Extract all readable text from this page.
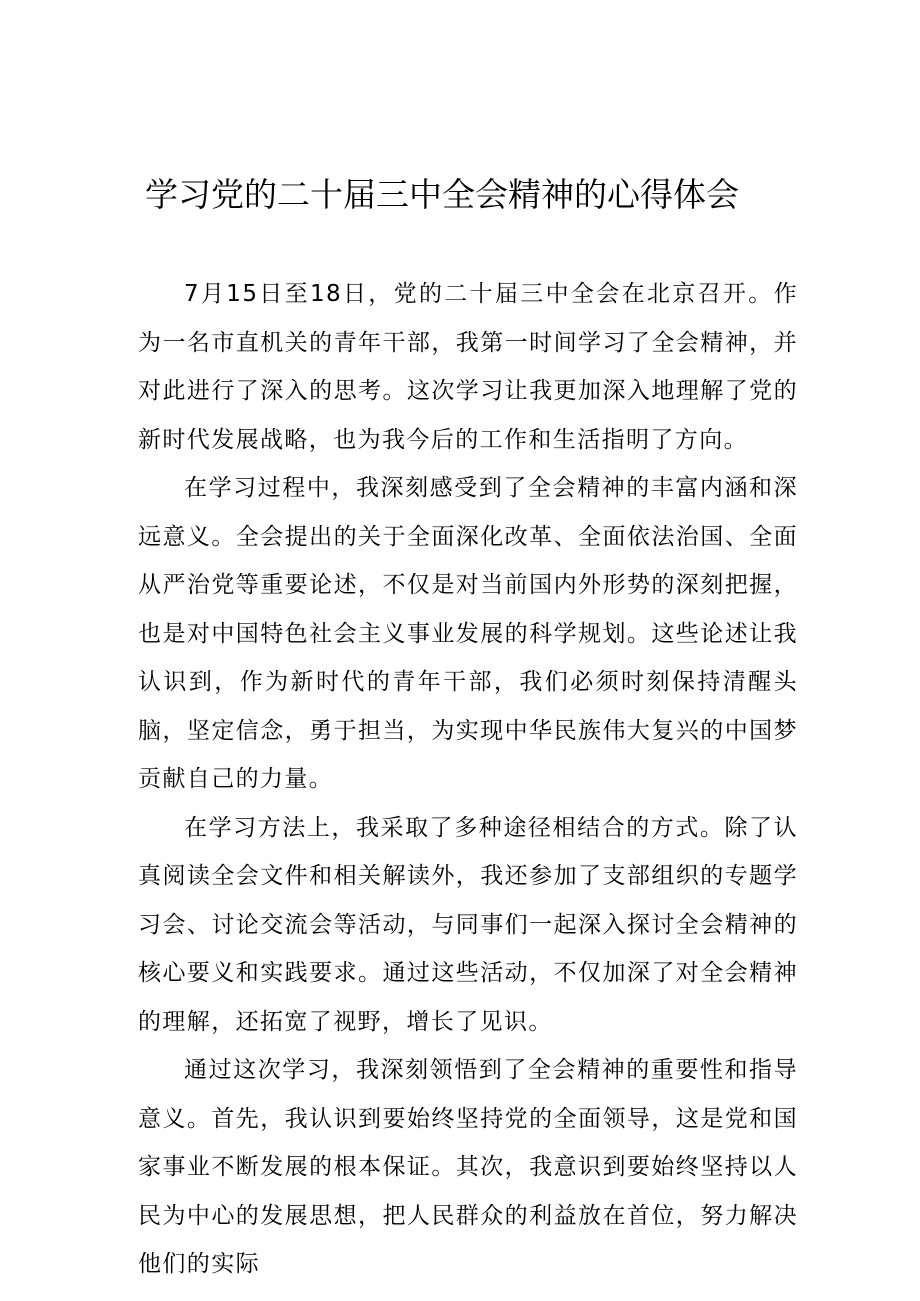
学习党的二十届三中全会精神的心得体会

7月15日至18日，党的二十届三中全会在北京召开。作为一名市直机关的青年干部，我第一时间学习了全会精神，并对此进行了深入的思考。这次学习让我更加深入地理解了党的新时代发展战略，也为我今后的工作和生活指明了方向。

在学习过程中，我深刻感受到了全会精神的丰富内涵和深远意义。全会提出的关于全面深化改革、全面依法治国、全面从严治党等重要论述，不仅是对当前国内外形势的深刻把握，也是对中国特色社会主义事业发展的科学规划。这些论述让我认识到，作为新时代的青年干部，我们必须时刻保持清醒头脑，坚定信念，勇于担当，为实现中华民族伟大复兴的中国梦贡献自己的力量。

在学习方法上，我采取了多种途径相结合的方式。除了认真阅读全会文件和相关解读外，我还参加了支部组织的专题学习会、讨论交流会等活动，与同事们一起深入探讨全会精神的核心要义和实践要求。通过这些活动，不仅加深了对全会精神的理解，还拓宽了视野，增长了见识。

通过这次学习，我深刻领悟到了全会精神的重要性和指导意义。首先，我认识到要始终坚持党的全面领导，这是党和国家事业不断发展的根本保证。其次，我意识到要始终坚持以人民为中心的发展思想，把人民群众的利益放在首位，努力解决他们的实际
